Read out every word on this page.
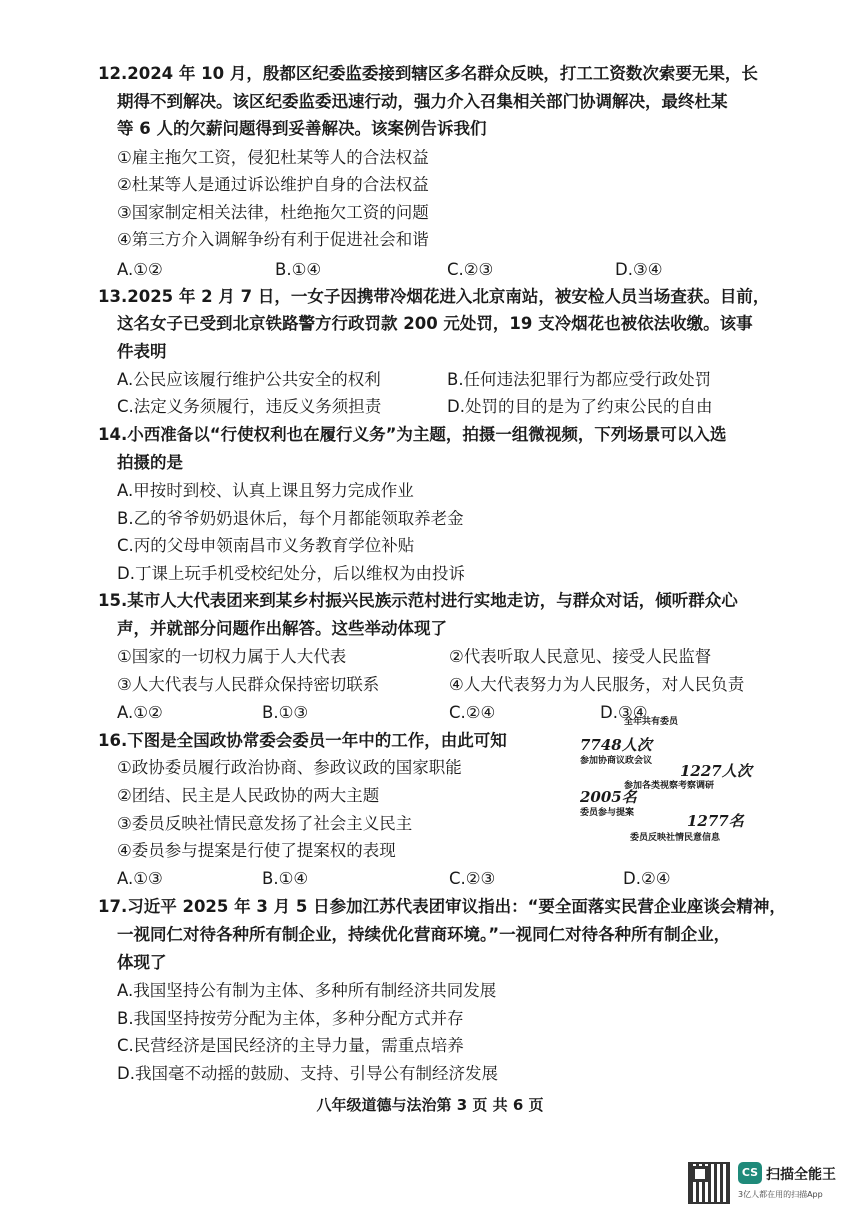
12.2024 年 10 月，殷都区纪委监委接到辖区多名群众反映，打工工资数次索要无果，长
期得不到解决。该区纪委监委迅速行动，强力介入召集相关部门协调解决，最终杜某
等 6 人的欠薪问题得到妥善解决。该案例告诉我们
①雇主拖欠工资，侵犯杜某等人的合法权益
②杜某等人是通过诉讼维护自身的合法权益
③国家制定相关法律，杜绝拖欠工资的问题
④第三方介入调解争纷有利于促进社会和谐
A.①②	B.①④	C.②③	D.③④
13.2025 年 2 月 7 日，一女子因携带冷烟花进入北京南站，被安检人员当场查获。目前，
这名女子已受到北京铁路警方行政罚款 200 元处罚，19 支冷烟花也被依法收缴。该事
件表明
A.公民应该履行维护公共安全的权利	B.任何违法犯罪行为都应受行政处罚
C.法定义务须履行，违反义务须担责	D.处罚的目的是为了约束公民的自由
14.小西准备以“行使权利也在履行义务”为主题，拍摄一组微视频，下列场景可以入选
拍摄的是
A.甲按时到校、认真上课且努力完成作业
B.乙的爷爷奶奶退休后，每个月都能领取养老金
C.丙的父母申领南昌市义务教育学位补贴
D.丁课上玩手机受校纪处分，后以维权为由投诉
15.某市人大代表团来到某乡村振兴民族示范村进行实地走访，与群众对话，倾听群众心
声，并就部分问题作出解答。这些举动体现了
①国家的一切权力属于人大代表	②代表听取人民意见、接受人民监督
③人大代表与人民群众保持密切联系	④人大代表努力为人民服务，对人民负责
A.①②	B.①③	C.②④	D.③④
16.下图是全国政协常委会委员一年中的工作，由此可知
①政协委员履行政治协商、参政议政的国家职能
②团结、民主是人民政协的两大主题
③委员反映社情民意发扬了社会主义民主
④委员参与提案是行使了提案权的表现
A.①③	B.①④	C.②③	D.②④
全年共有委员
7748人次
参加协商议政会议
1227人次
参加各类视察考察调研
2005名
委员参与提案	1277名
委员反映社情民意信息
17.习近平 2025 年 3 月 5 日参加江苏代表团审议指出：“要全面落实民营企业座谈会精神，
一视同仁对待各种所有制企业，持续优化营商环境。”一视同仁对待各种所有制企业，
体现了
A.我国坚持公有制为主体、多种所有制经济共同发展
B.我国坚持按劳分配为主体，多种分配方式并存
C.民营经济是国民经济的主导力量，需重点培养
D.我国毫不动摇的鼓励、支持、引导公有制经济发展
八年级道德与法治第 3 页 共 6 页
CS 扫描全能王
3亿人都在用的扫描App
